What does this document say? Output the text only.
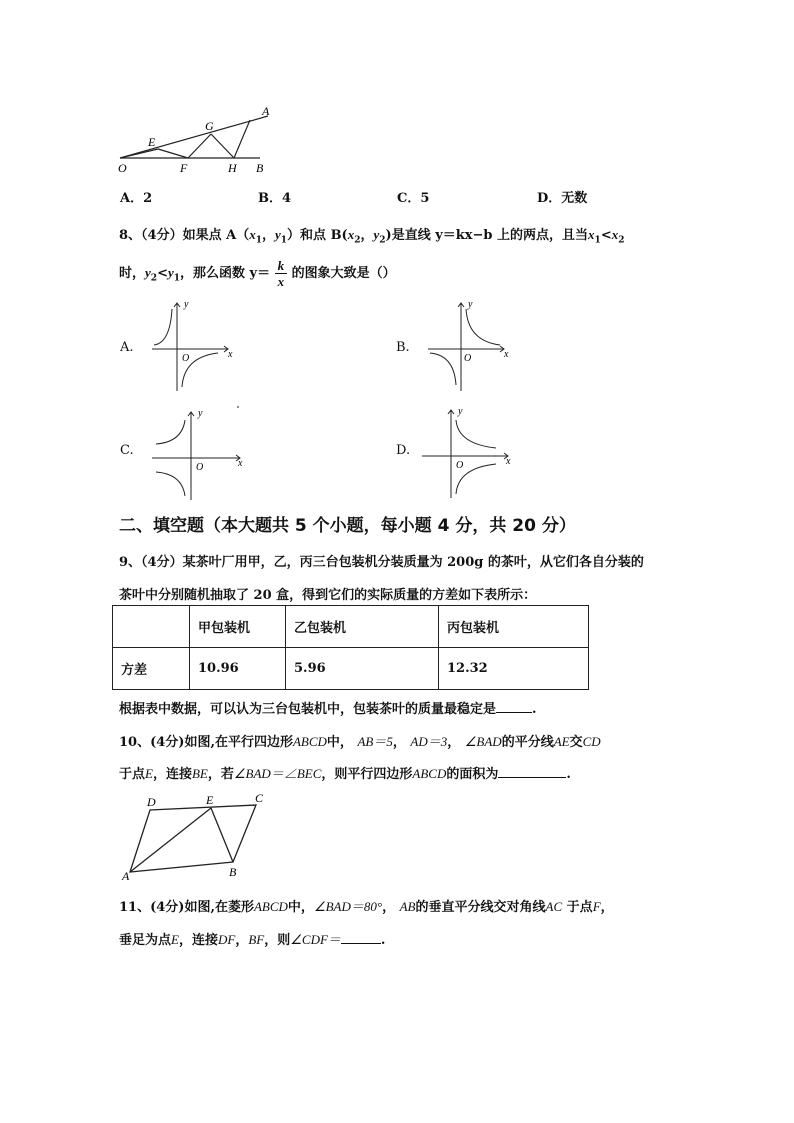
A
E
G
O	F	H B
A．2	B．4	C．5	D．无数
8、（4分）如果点 $A(x_1$，$y_1$）和点 $B(x_2$，$y_2$)是直线 y＝kx−b 上的两点，且当$x_1<x_2$
时，$y_2<y_1$，那么函数 $y= \frac{k}{x}$ 的图象大致是（）
A.	B.
C.	D.
y
x
O
y
x
O
y
x
O
y
x
O
二、填空题（本大题共 5 个小题，每小题 4 分，共 20 分）
9、（4分）某茶叶厂用甲，乙，丙三台包装机分装质量为 200g 的茶叶，从它们各自分装的
茶叶中分别随机抽取了 20 盒，得到它们的实际质量的方差如下表所示：
	甲包装机	乙包装机	丙包装机
方差	10.96	5.96	12.32
根据表中数据，可以认为三台包装机中，包装茶叶的质量最稳定是	.
10、(4分)如图,在平行四边形ABCD中， AB＝5， AD＝3， ∠BAD的平分线AE交CD
于点E，连接BE，若∠BAD＝∠BEC，则平行四边形ABCD的面积为	.
D	E	C
A	B
11、(4分)如图,在菱形ABCD中，∠BAD＝80°， AB的垂直平分线交对角线AC 于点F，
垂足为点E，连接DF，BF，则∠CDF＝	.
